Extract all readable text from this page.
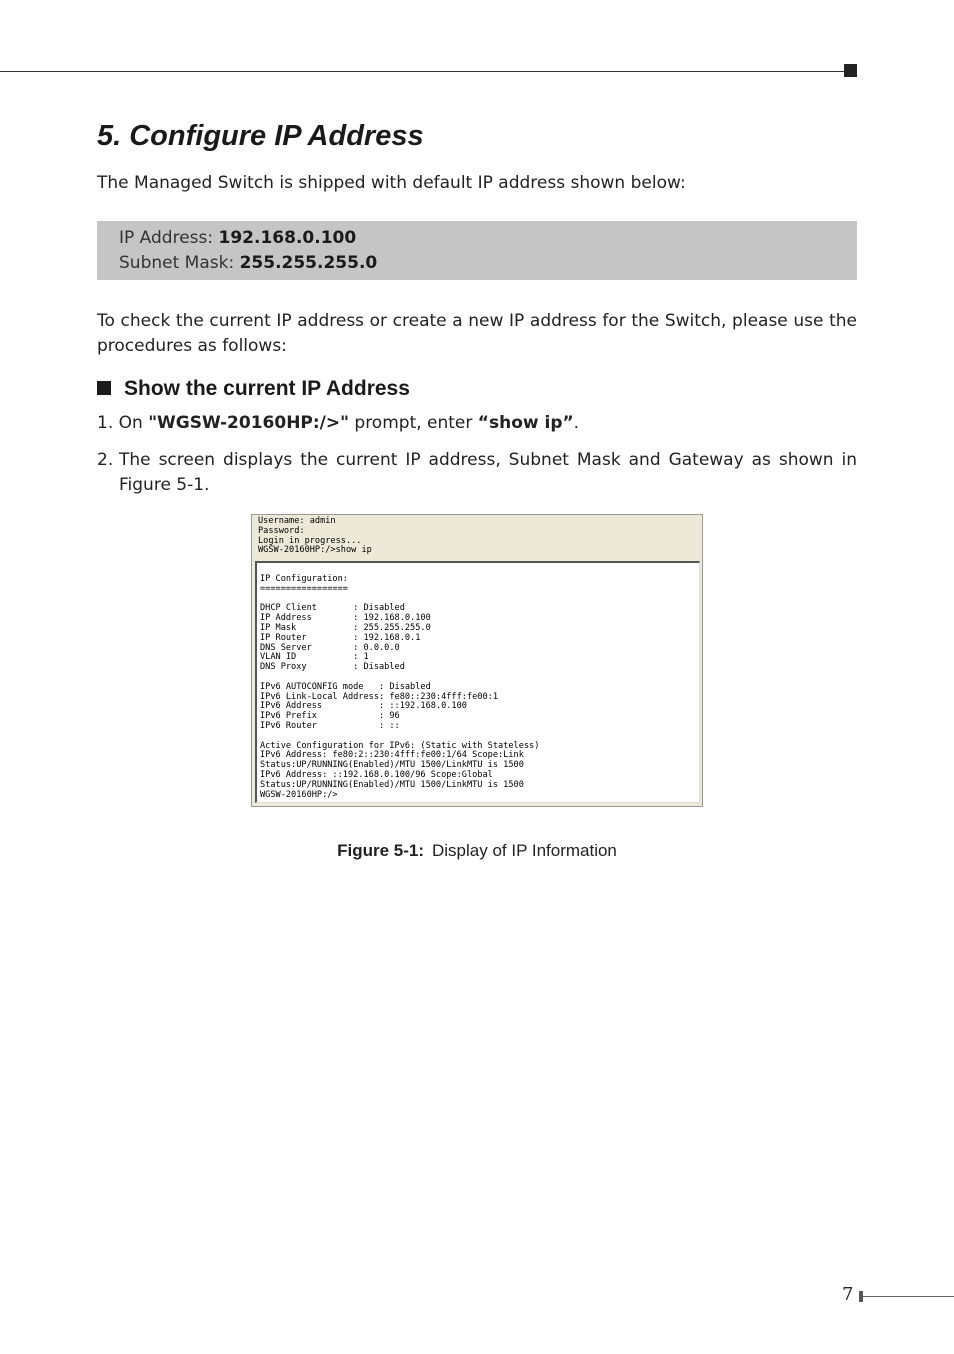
5. Configure IP Address

The Managed Switch is shipped with default IP address shown below:

IP Address: 192.168.0.100
Subnet Mask: 255.255.255.0

To check the current IP address or create a new IP address for the Switch, please use the procedures as follows:

Show the current IP Address
1. On "WGSW-20160HP:/>" prompt, enter “show ip”.
2. The screen displays the current IP address, Subnet Mask and Gateway as shown in Figure 5-1.
Username: admin
Password:
Login in progress...
WGSW-20160HP:/>show ip
IP Configuration:
=================

DHCP Client       : Disabled
IP Address        : 192.168.0.100
IP Mask           : 255.255.255.0
IP Router         : 192.168.0.1
DNS Server        : 0.0.0.0
VLAN ID           : 1
DNS Proxy         : Disabled

IPv6 AUTOCONFIG mode   : Disabled
IPv6 Link-Local Address: fe80::230:4fff:fe00:1
IPv6 Address           : ::192.168.0.100
IPv6 Prefix            : 96
IPv6 Router            : ::

Active Configuration for IPv6: (Static with Stateless)
IPv6 Address: fe80:2::230:4fff:fe00:1/64 Scope:Link
Status:UP/RUNNING(Enabled)/MTU 1500/LinkMTU is 1500
IPv6 Address: ::192.168.0.100/96 Scope:Global
Status:UP/RUNNING(Enabled)/MTU 1500/LinkMTU is 1500
WGSW-20160HP:/>
Figure 5-1: Display of IP Information
7
